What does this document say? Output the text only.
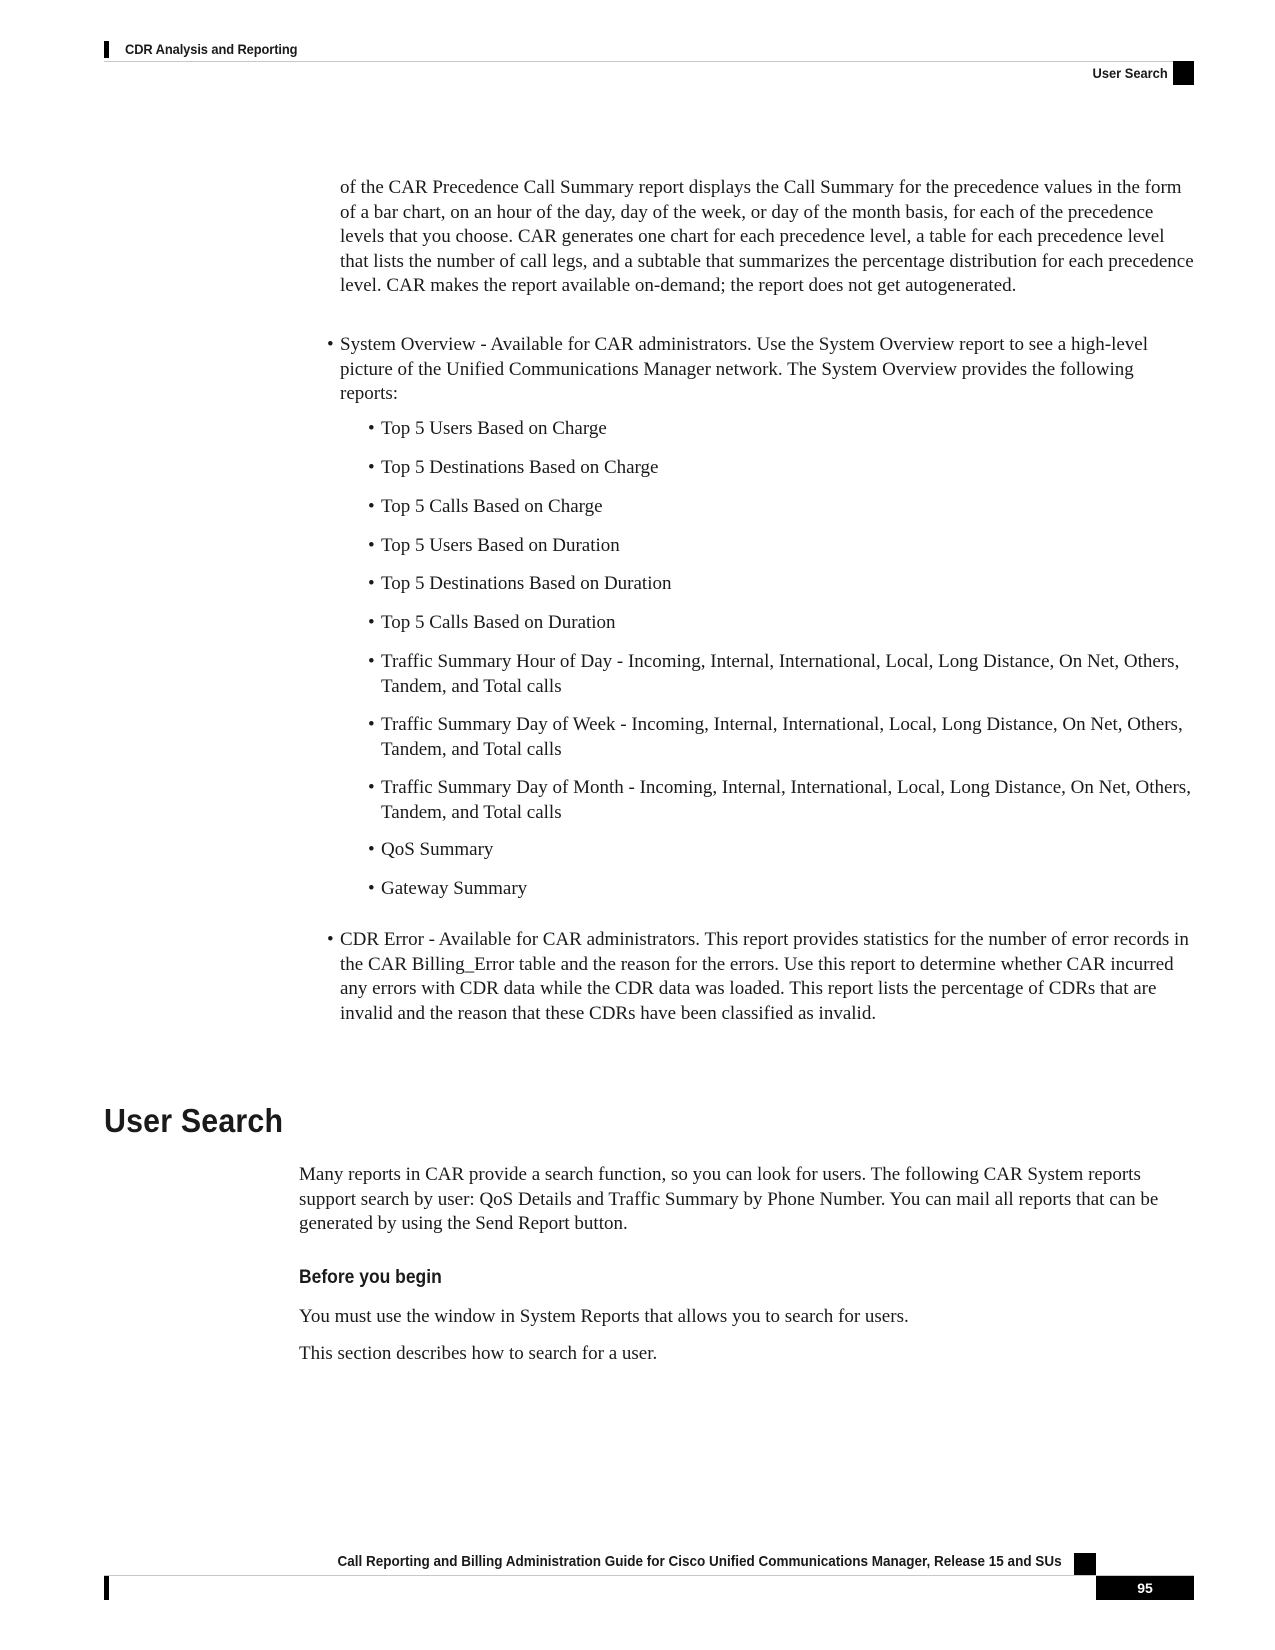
CDR Analysis and Reporting
User Search

of the CAR Precedence Call Summary report displays the Call Summary for the precedence values in the form of a bar chart, on an hour of the day, day of the week, or day of the month basis, for each of the precedence levels that you choose. CAR generates one chart for each precedence level, a table for each precedence level that lists the number of call legs, and a subtable that summarizes the percentage distribution for each precedence level. CAR makes the report available on-demand; the report does not get autogenerated.

• System Overview - Available for CAR administrators. Use the System Overview report to see a high-level picture of the Unified Communications Manager network. The System Overview provides the following reports:
• Top 5 Users Based on Charge
• Top 5 Destinations Based on Charge
• Top 5 Calls Based on Charge
• Top 5 Users Based on Duration
• Top 5 Destinations Based on Duration
• Top 5 Calls Based on Duration
• Traffic Summary Hour of Day - Incoming, Internal, International, Local, Long Distance, On Net, Others, Tandem, and Total calls
• Traffic Summary Day of Week - Incoming, Internal, International, Local, Long Distance, On Net, Others, Tandem, and Total calls
• Traffic Summary Day of Month - Incoming, Internal, International, Local, Long Distance, On Net, Others, Tandem, and Total calls
• QoS Summary
• Gateway Summary
• CDR Error - Available for CAR administrators. This report provides statistics for the number of error records in the CAR Billing_Error table and the reason for the errors. Use this report to determine whether CAR incurred any errors with CDR data while the CDR data was loaded. This report lists the percentage of CDRs that are invalid and the reason that these CDRs have been classified as invalid.
User Search

Many reports in CAR provide a search function, so you can look for users. The following CAR System reports support search by user: QoS Details and Traffic Summary by Phone Number. You can mail all reports that can be generated by using the Send Report button.

Before you begin

You must use the window in System Reports that allows you to search for users.

This section describes how to search for a user.

Call Reporting and Billing Administration Guide for Cisco Unified Communications Manager, Release 15 and SUs
95
